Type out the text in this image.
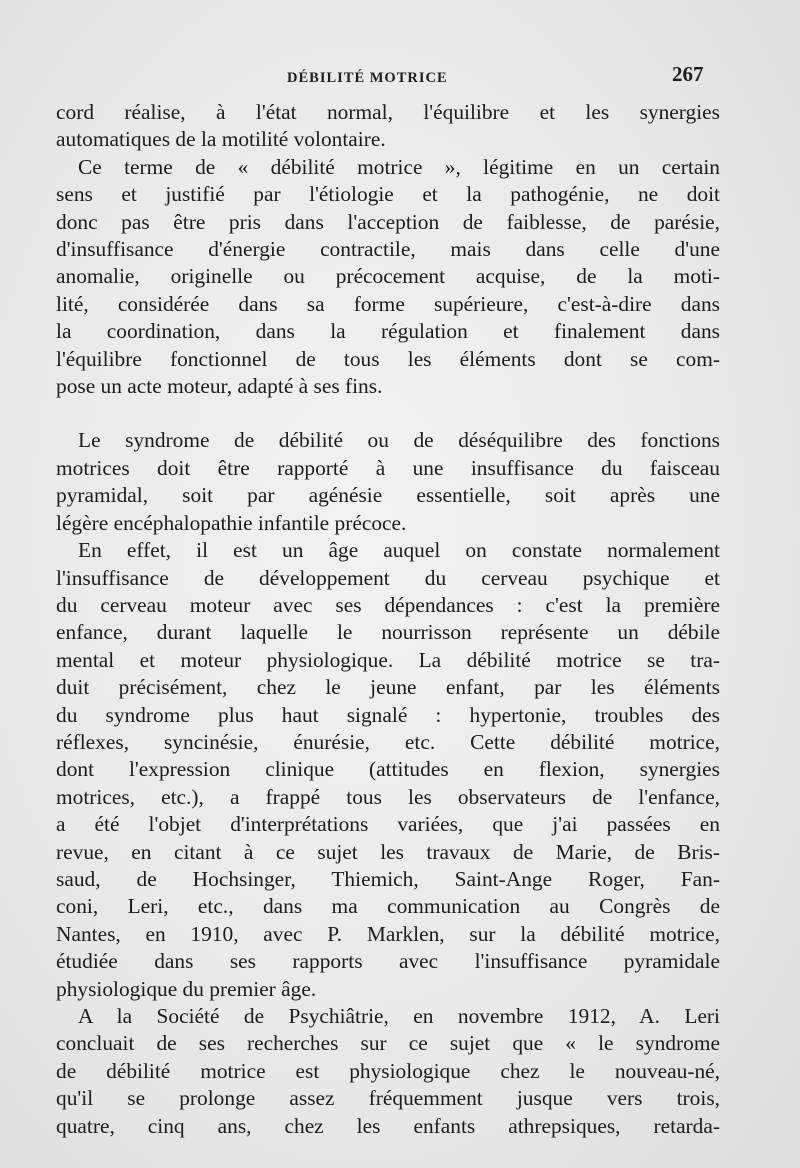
DÉBILITÉ MOTRICE	267

cord réalise, à l'état normal, l'équilibre et les synergies
automatiques de la motilité volontaire.

Ce terme de « débilité motrice », légitime en un certain
sens et justifié par l'étiologie et la pathogénie, ne doit
donc pas être pris dans l'acception de faiblesse, de parésie,
d'insuffisance d'énergie contractile, mais dans celle d'une
anomalie, originelle ou précocement acquise, de la moti-
lité, considérée dans sa forme supérieure, c'est-à-dire dans
la coordination, dans la régulation et finalement dans
l'équilibre fonctionnel de tous les éléments dont se com-
pose un acte moteur, adapté à ses fins.

Le syndrome de débilité ou de déséquilibre des fonctions
motrices doit être rapporté à une insuffisance du faisceau
pyramidal, soit par agénésie essentielle, soit après une
légère encéphalopathie infantile précoce.

En effet, il est un âge auquel on constate normalement
l'insuffisance de développement du cerveau psychique et
du cerveau moteur avec ses dépendances : c'est la première
enfance, durant laquelle le nourrisson représente un débile
mental et moteur physiologique. La débilité motrice se tra-
duit précisément, chez le jeune enfant, par les éléments
du syndrome plus haut signalé : hypertonie, troubles des
réflexes, syncinésie, énurésie, etc. Cette débilité motrice,
dont l'expression clinique (attitudes en flexion, synergies
motrices, etc.), a frappé tous les observateurs de l'enfance,
a été l'objet d'interprétations variées, que j'ai passées en
revue, en citant à ce sujet les travaux de Marie, de Bris-
saud, de Hochsinger, Thiemich, Saint-Ange Roger, Fan-
coni, Leri, etc., dans ma communication au Congrès de
Nantes, en 1910, avec P. Marklen, sur la débilité motrice,
étudiée dans ses rapports avec l'insuffisance pyramidale
physiologique du premier âge.

A la Société de Psychiâtrie, en novembre 1912, A. Leri
concluait de ses recherches sur ce sujet que « le syndrome
de débilité motrice est physiologique chez le nouveau-né,
qu'il se prolonge assez fréquemment jusque vers trois,
quatre, cinq ans, chez les enfants athrepsiques, retarda-
